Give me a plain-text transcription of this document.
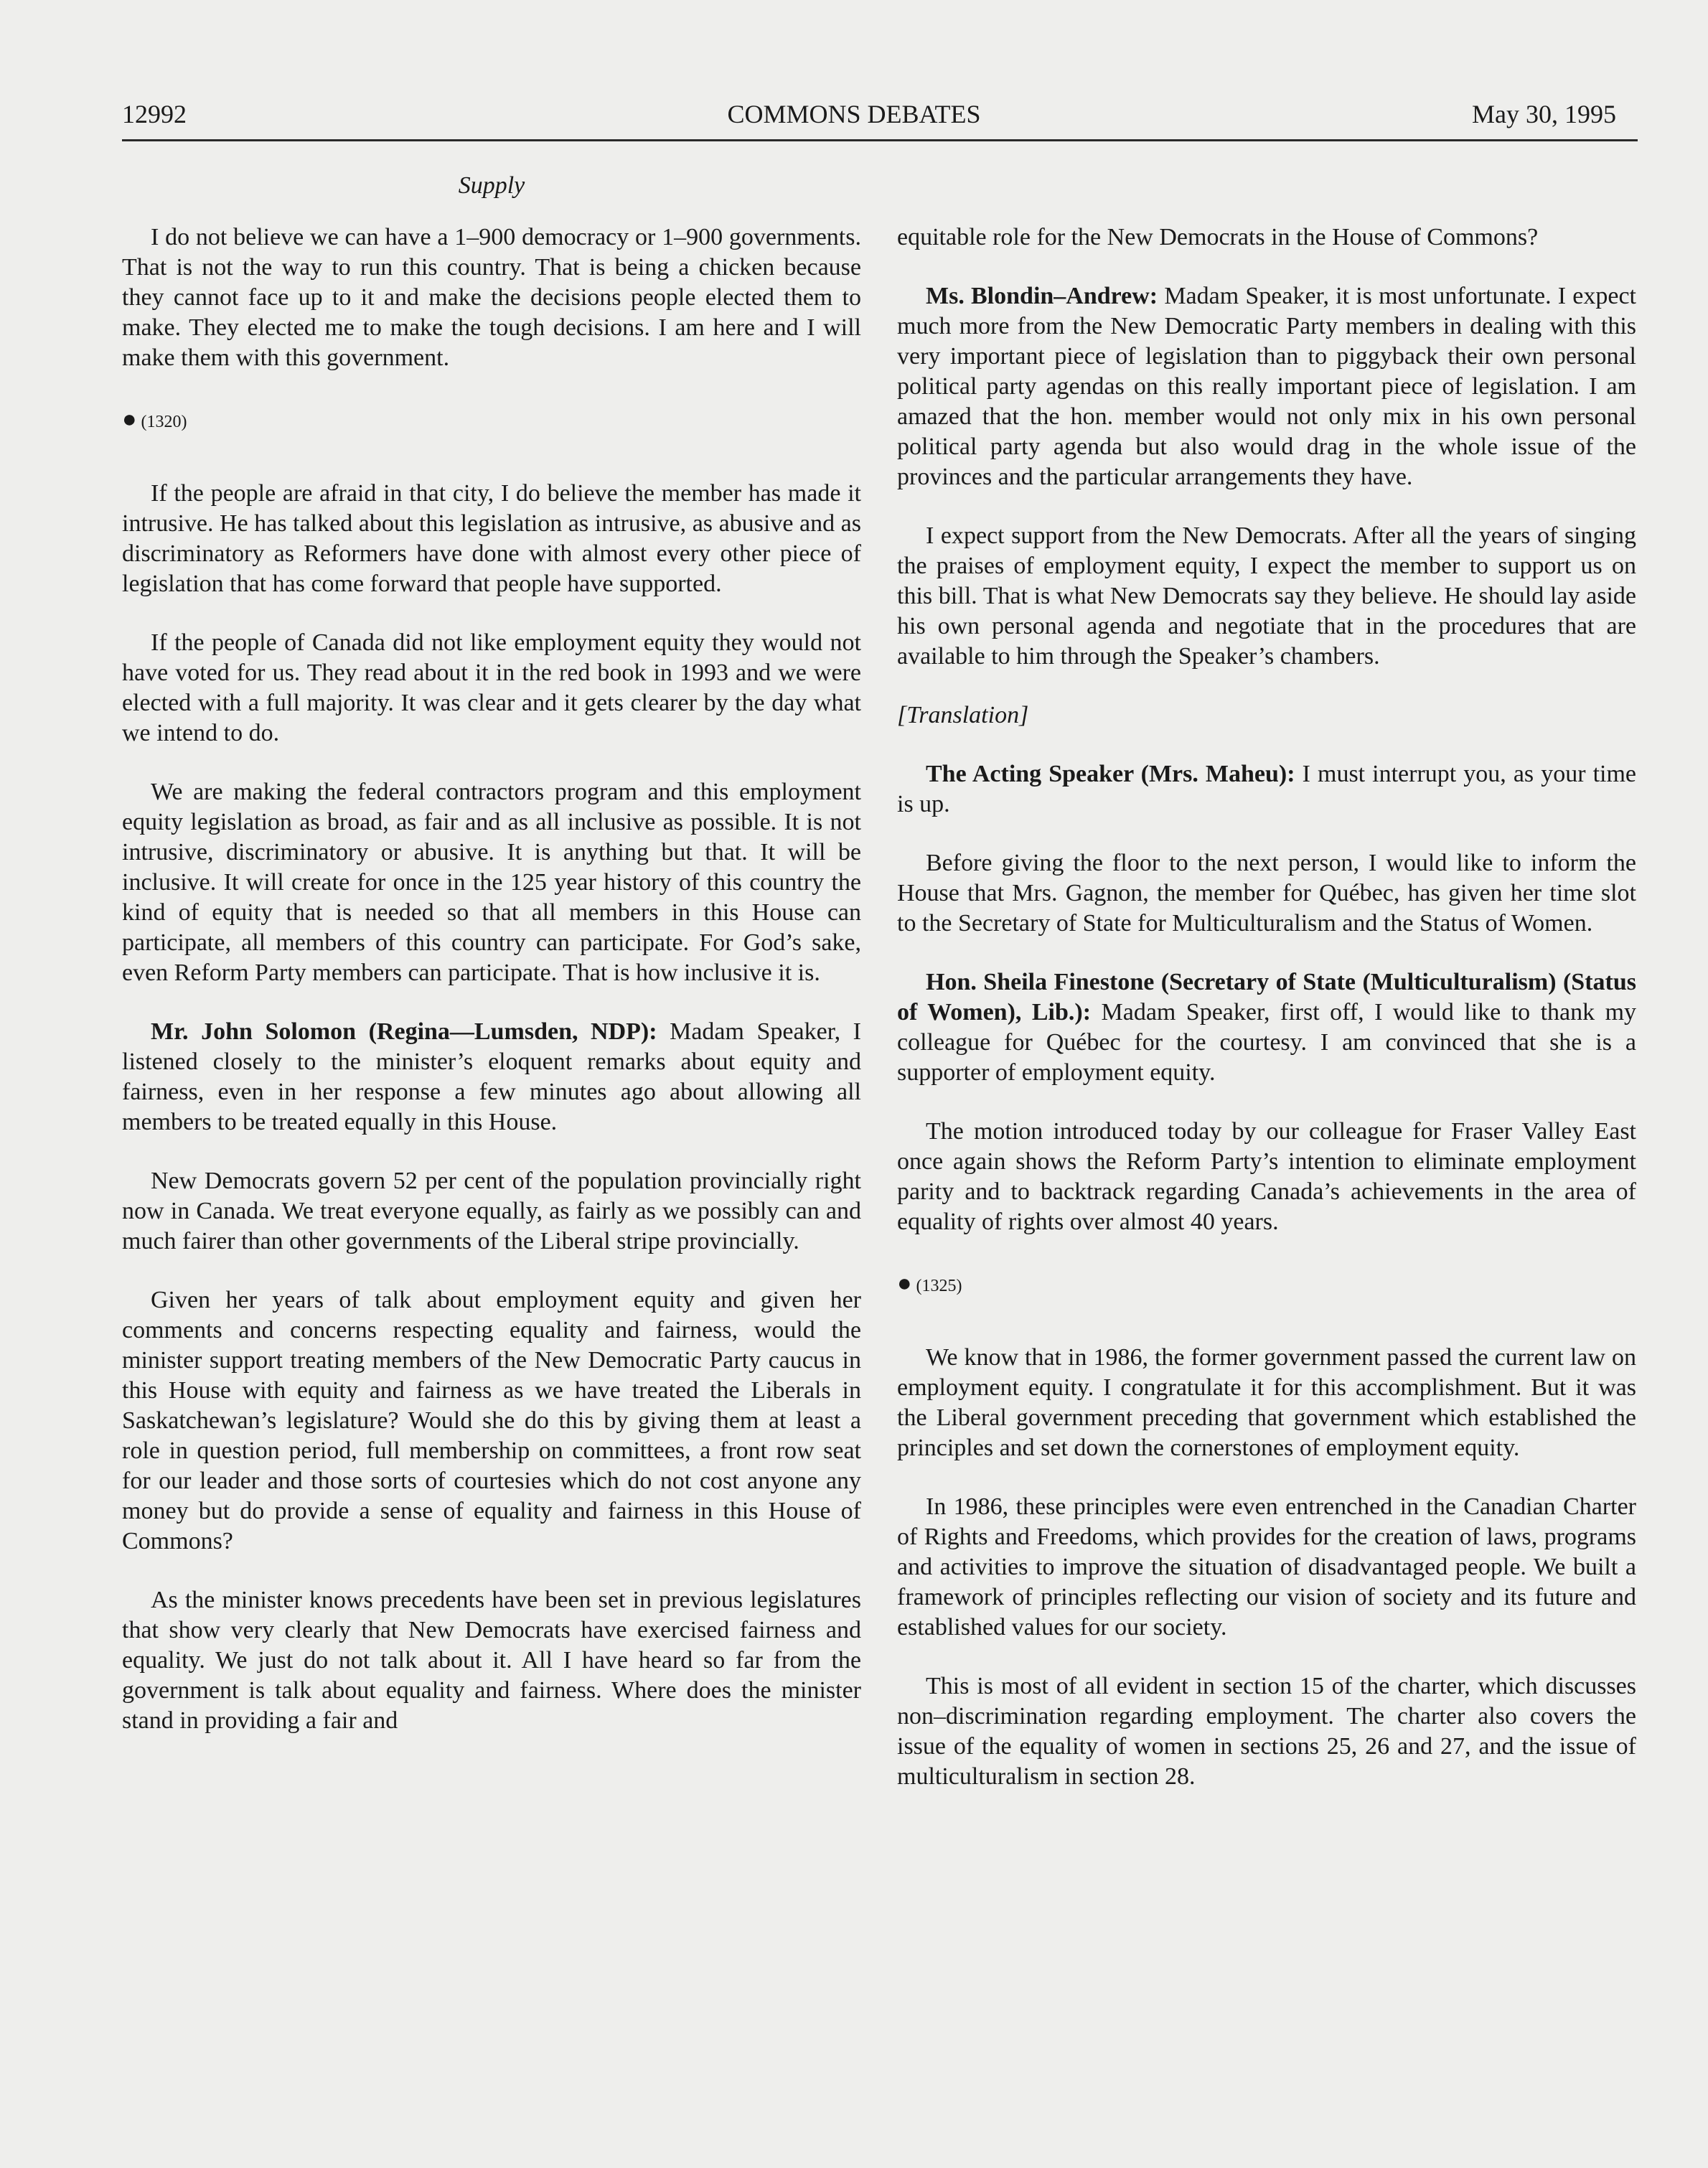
12992	COMMONS DEBATES	May 30, 1995
Supply

I do not believe we can have a 1–900 democracy or 1–900 governments. That is not the way to run this country. That is being a chicken because they cannot face up to it and make the decisions people elected them to make. They elected me to make the tough decisions. I am here and I will make them with this government.

● (1320)

If the people are afraid in that city, I do believe the member has made it intrusive. He has talked about this legislation as intrusive, as abusive and as discriminatory as Reformers have done with almost every other piece of legislation that has come forward that people have supported.

If the people of Canada did not like employment equity they would not have voted for us. They read about it in the red book in 1993 and we were elected with a full majority. It was clear and it gets clearer by the day what we intend to do.

We are making the federal contractors program and this employment equity legislation as broad, as fair and as all inclusive as possible. It is not intrusive, discriminatory or abusive. It is anything but that. It will be inclusive. It will create for once in the 125 year history of this country the kind of equity that is needed so that all members in this House can participate, all members of this country can participate. For God’s sake, even Reform Party members can participate. That is how inclusive it is.

Mr. John Solomon (Regina—Lumsden, NDP): Madam Speaker, I listened closely to the minister’s eloquent remarks about equity and fairness, even in her response a few minutes ago about allowing all members to be treated equally in this House.

New Democrats govern 52 per cent of the population provincially right now in Canada. We treat everyone equally, as fairly as we possibly can and much fairer than other governments of the Liberal stripe provincially.

Given her years of talk about employment equity and given her comments and concerns respecting equality and fairness, would the minister support treating members of the New Democratic Party caucus in this House with equity and fairness as we have treated the Liberals in Saskatchewan’s legislature? Would she do this by giving them at least a role in question period, full membership on committees, a front row seat for our leader and those sorts of courtesies which do not cost anyone any money but do provide a sense of equality and fairness in this House of Commons?

As the minister knows precedents have been set in previous legislatures that show very clearly that New Democrats have exercised fairness and equality. We just do not talk about it. All I have heard so far from the government is talk about equality and fairness. Where does the minister stand in providing a fair and

equitable role for the New Democrats in the House of Commons?

Ms. Blondin–Andrew: Madam Speaker, it is most unfortunate. I expect much more from the New Democratic Party members in dealing with this very important piece of legislation than to piggyback their own personal political party agendas on this really important piece of legislation. I am amazed that the hon. member would not only mix in his own personal political party agenda but also would drag in the whole issue of the provinces and the particular arrangements they have.

I expect support from the New Democrats. After all the years of singing the praises of employment equity, I expect the member to support us on this bill. That is what New Democrats say they believe. He should lay aside his own personal agenda and negotiate that in the procedures that are available to him through the Speaker’s chambers.

[Translation]

The Acting Speaker (Mrs. Maheu): I must interrupt you, as your time is up.

Before giving the floor to the next person, I would like to inform the House that Mrs. Gagnon, the member for Québec, has given her time slot to the Secretary of State for Multiculturalism and the Status of Women.

Hon. Sheila Finestone (Secretary of State (Multiculturalism) (Status of Women), Lib.): Madam Speaker, first off, I would like to thank my colleague for Québec for the courtesy. I am convinced that she is a supporter of employment equity.

The motion introduced today by our colleague for Fraser Valley East once again shows the Reform Party’s intention to eliminate employment parity and to backtrack regarding Canada’s achievements in the area of equality of rights over almost 40 years.

● (1325)

We know that in 1986, the former government passed the current law on employment equity. I congratulate it for this accomplishment. But it was the Liberal government preceding that government which established the principles and set down the cornerstones of employment equity.

In 1986, these principles were even entrenched in the Canadian Charter of Rights and Freedoms, which provides for the creation of laws, programs and activities to improve the situation of disadvantaged people. We built a framework of principles reflecting our vision of society and its future and established values for our society.

This is most of all evident in section 15 of the charter, which discusses non–discrimination regarding employment. The charter also covers the issue of the equality of women in sections 25, 26 and 27, and the issue of multiculturalism in section 28.
